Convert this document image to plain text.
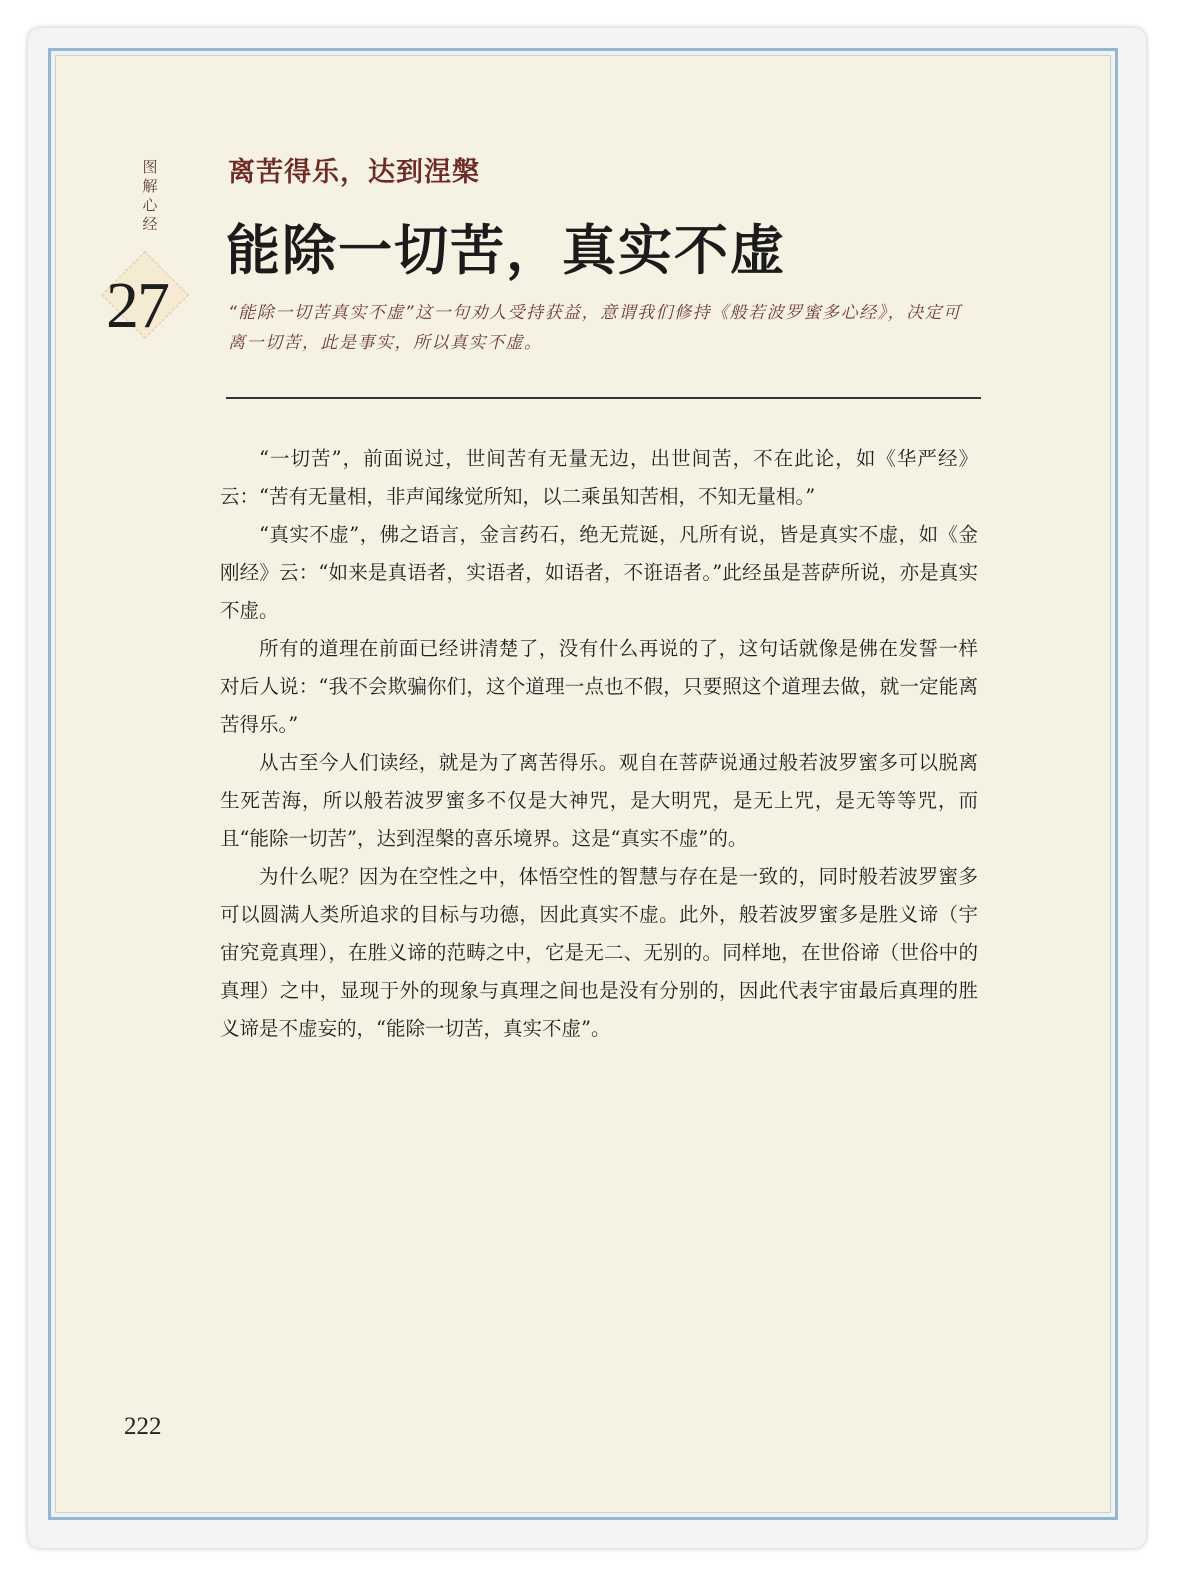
图
解
心
经
27
离苦得乐，达到涅槃
能除一切苦，真实不虚
“能除一切苦真实不虚”这一句劝人受持获益，意谓我们修持《般若波罗蜜多心经》，决定可离一切苦，此是事实，所以真实不虚。

“一切苦”，前面说过，世间苦有无量无边，出世间苦，不在此论，如《华严经》云：“苦有无量相，非声闻缘觉所知，以二乘虽知苦相，不知无量相。”

“真实不虚”，佛之语言，金言药石，绝无荒诞，凡所有说，皆是真实不虚，如《金刚经》云：“如来是真语者，实语者，如语者，不诳语者。”此经虽是菩萨所说，亦是真实不虚。

所有的道理在前面已经讲清楚了，没有什么再说的了，这句话就像是佛在发誓一样对后人说：“我不会欺骗你们，这个道理一点也不假，只要照这个道理去做，就一定能离苦得乐。”

从古至今人们读经，就是为了离苦得乐。观自在菩萨说通过般若波罗蜜多可以脱离生死苦海，所以般若波罗蜜多不仅是大神咒，是大明咒，是无上咒，是无等等咒，而且“能除一切苦”，达到涅槃的喜乐境界。这是“真实不虚”的。

为什么呢？因为在空性之中，体悟空性的智慧与存在是一致的，同时般若波罗蜜多可以圆满人类所追求的目标与功德，因此真实不虚。此外，般若波罗蜜多是胜义谛（宇宙究竟真理），在胜义谛的范畴之中，它是无二、无别的。同样地，在世俗谛（世俗中的真理）之中，显现于外的现象与真理之间也是没有分别的，因此代表宇宙最后真理的胜义谛是不虚妄的，“能除一切苦，真实不虚”。

222
